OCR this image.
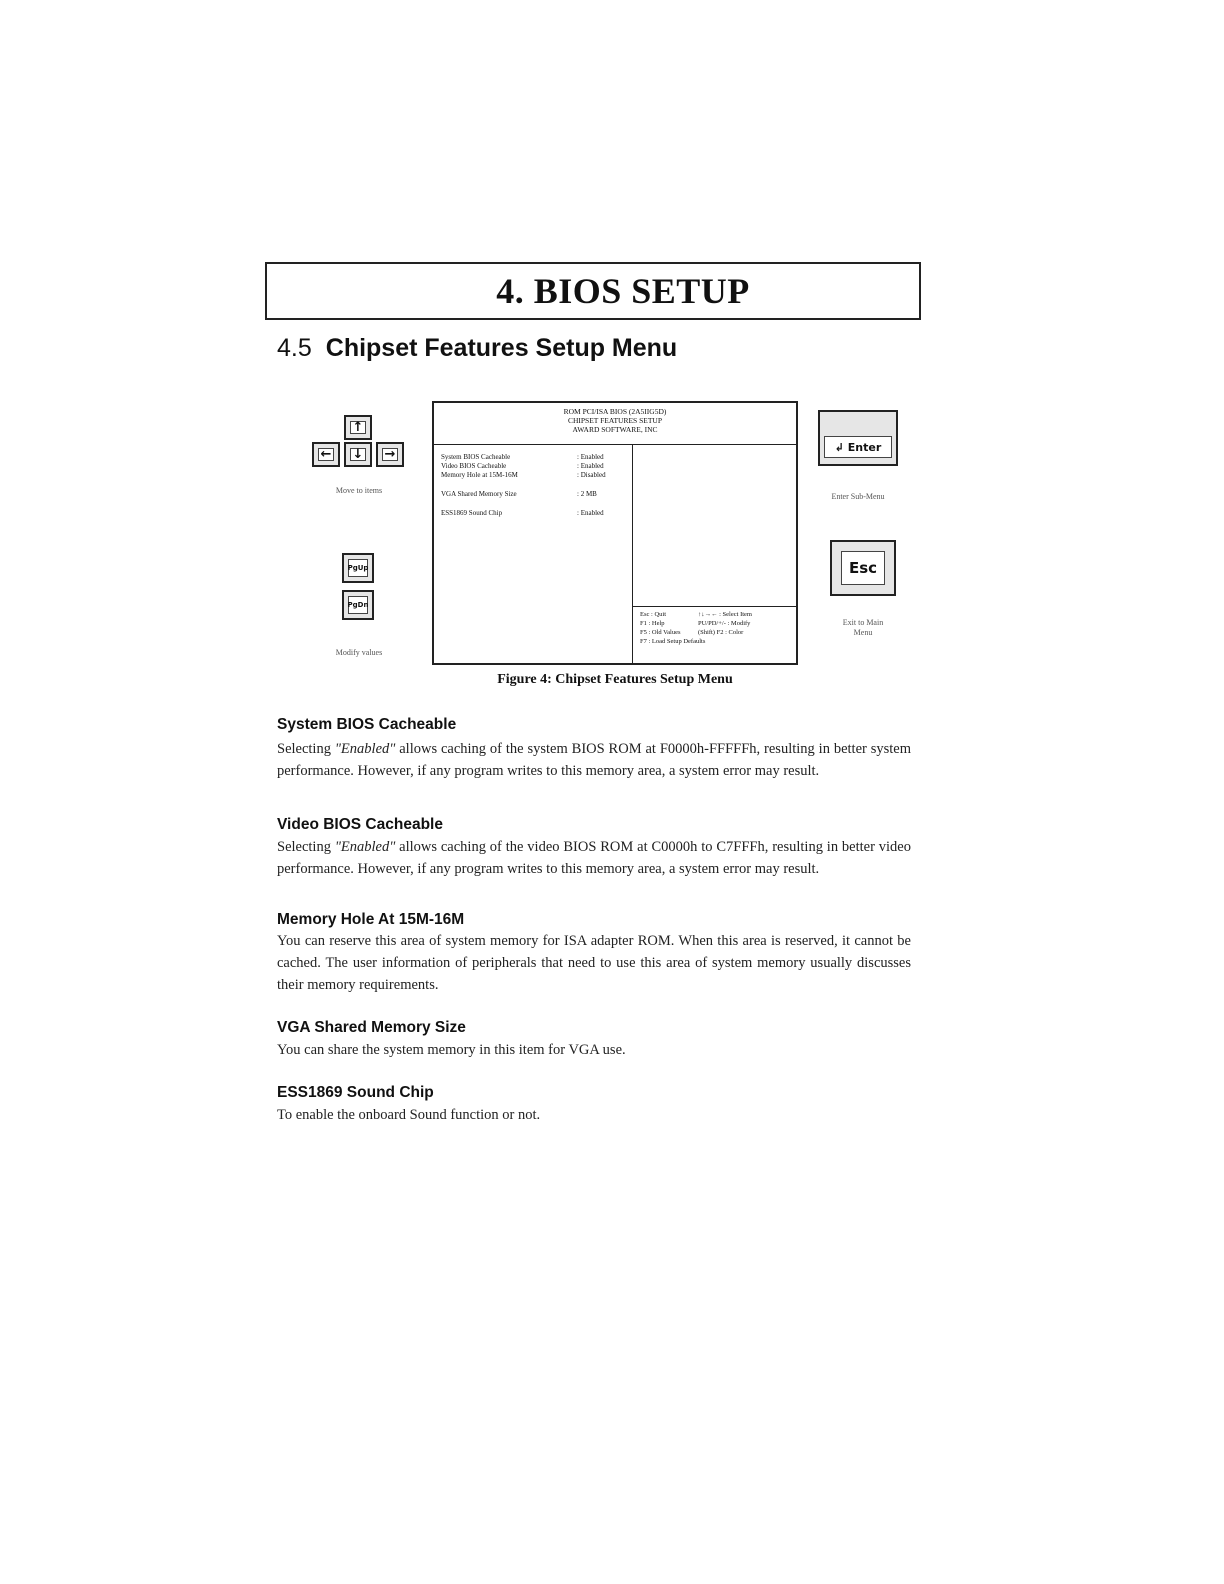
4. BIOS SETUP
4.5 Chipset Features Setup Menu
↑
← ↓ →
Move to items
PgUp
PgDn
Modify values
ROM PCI/ISA BIOS (2A5IIG5D)
CHIPSET FEATURES SETUP
AWARD SOFTWARE, INC
System BIOS Cacheable	: Enabled
Video BIOS Cacheable	: Enabled
Memory Hole at 15M-16M	: Disabled
VGA Shared Memory Size	: 2 MB
ESS1869 Sound Chip	: Enabled
Esc : Quit	↑↓→← : Select Item
F1 : Help	PU/PD/+/- : Modify
F5 : Old Values	(Shift) F2 : Color
F7 : Load Setup Defaults
↲ Enter
Enter Sub-Menu
Esc
Exit to Main
Menu
Figure 4: Chipset Features Setup Menu
System BIOS Cacheable

Selecting "Enabled" allows caching of the system BIOS ROM at F0000h-FFFFFh, resulting in better system performance. However, if any program writes to this memory area, a system error may result.

Video BIOS Cacheable

Selecting "Enabled" allows caching of the video BIOS ROM at C0000h to C7FFFh, resulting in better video performance. However, if any program writes to this memory area, a system error may result.

Memory Hole At 15M-16M

You can reserve this area of system memory for ISA adapter ROM. When this area is reserved, it cannot be cached. The user information of peripherals that need to use this area of system memory usually discusses their memory requirements.

VGA Shared Memory Size

You can share the system memory in this item for VGA use.

ESS1869 Sound Chip

To enable the onboard Sound function or not.
